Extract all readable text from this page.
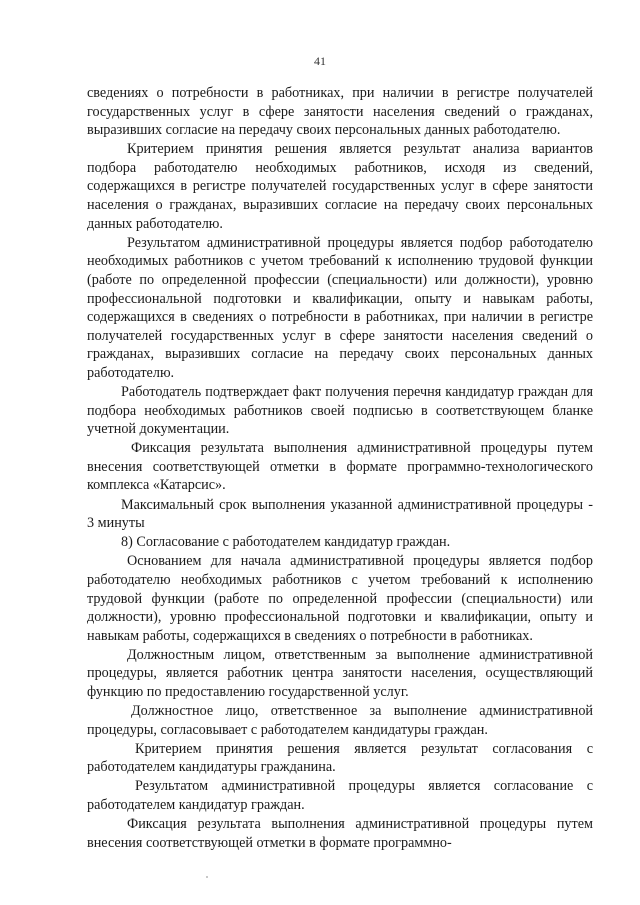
41

сведениях о потребности в работниках, при наличии в регистре получателей государственных услуг в сфере занятости населения сведений о гражданах, выразивших согласие на передачу своих персональных данных работодателю.

Критерием принятия решения является результат анализа вариантов подбора работодателю необходимых работников, исходя из сведений, содержащихся в регистре получателей государственных услуг в сфере занятости населения о гражданах, выразивших согласие на передачу своих персональных данных работодателю.

Результатом административной процедуры является подбор работодателю необходимых работников с учетом требований к исполнению трудовой функции (работе по определенной профессии (специальности) или должности), уровню профессиональной подготовки и квалификации, опыту и навыкам работы, содержащихся в сведениях о потребности в работниках, при наличии в регистре получателей государственных услуг в сфере занятости населения сведений о гражданах, выразивших согласие на передачу своих персональных данных работодателю.

Работодатель подтверждает факт получения перечня кандидатур граждан для подбора необходимых работников своей подписью в соответствующем бланке учетной документации.

Фиксация результата выполнения административной процедуры путем внесения соответствующей отметки в формате программно-технологического комплекса «Катарсис».

Максимальный срок выполнения указанной административной процедуры - 3 минуты

8) Согласование с работодателем кандидатур граждан.

Основанием для начала административной процедуры является подбор работодателю необходимых работников с учетом требований к исполнению трудовой функции (работе по определенной профессии (специальности) или должности), уровню профессиональной подготовки и квалификации, опыту и навыкам работы, содержащихся в сведениях о потребности в работниках.

Должностным лицом, ответственным за выполнение административной процедуры, является работник центра занятости населения, осуществляющий функцию по предоставлению государственной услуг.

Должностное лицо, ответственное за выполнение административной процедуры, согласовывает с работодателем кандидатуры граждан.

Критерием принятия решения является результат согласования с работодателем кандидатуры гражданина.

Результатом административной процедуры является согласование с работодателем кандидатур граждан.

Фиксация результата выполнения административной процедуры путем внесения соответствующей отметки в формате программно-
